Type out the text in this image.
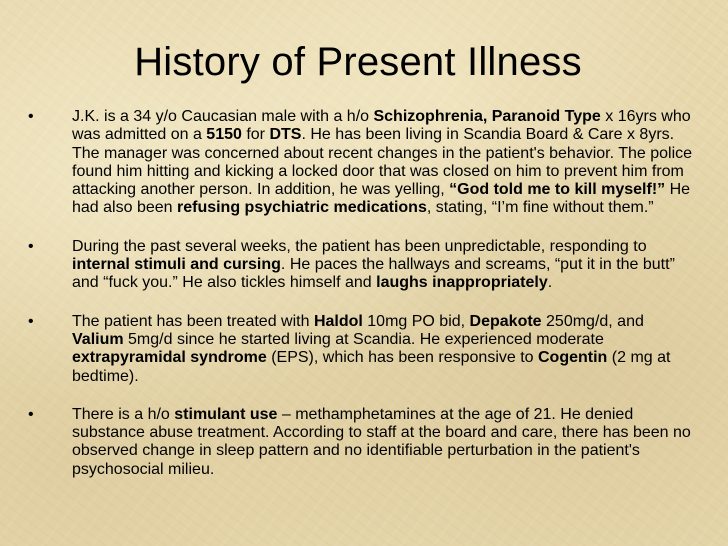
History of Present Illness
• J.K. is a 34 y/o Caucasian male with a h/o Schizophrenia, Paranoid Type x 16yrs who was admitted on a 5150 for DTS. He has been living in Scandia Board & Care x 8yrs. The manager was concerned about recent changes in the patient's behavior. The police found him hitting and kicking a locked door that was closed on him to prevent him from attacking another person. In addition, he was yelling, “God told me to kill myself!” He had also been refusing psychiatric medications, stating, “I’m fine without them.”
• During the past several weeks, the patient has been unpredictable, responding to internal stimuli and cursing. He paces the hallways and screams, “put it in the butt” and “fuck you.” He also tickles himself and laughs inappropriately.
• The patient has been treated with Haldol 10mg PO bid, Depakote 250mg/d, and Valium 5mg/d since he started living at Scandia. He experienced moderate extrapyramidal syndrome (EPS), which has been responsive to Cogentin (2 mg at bedtime).
• There is a h/o stimulant use – methamphetamines at the age of 21. He denied substance abuse treatment. According to staff at the board and care, there has been no observed change in sleep pattern and no identifiable perturbation in the patient's psychosocial milieu.
